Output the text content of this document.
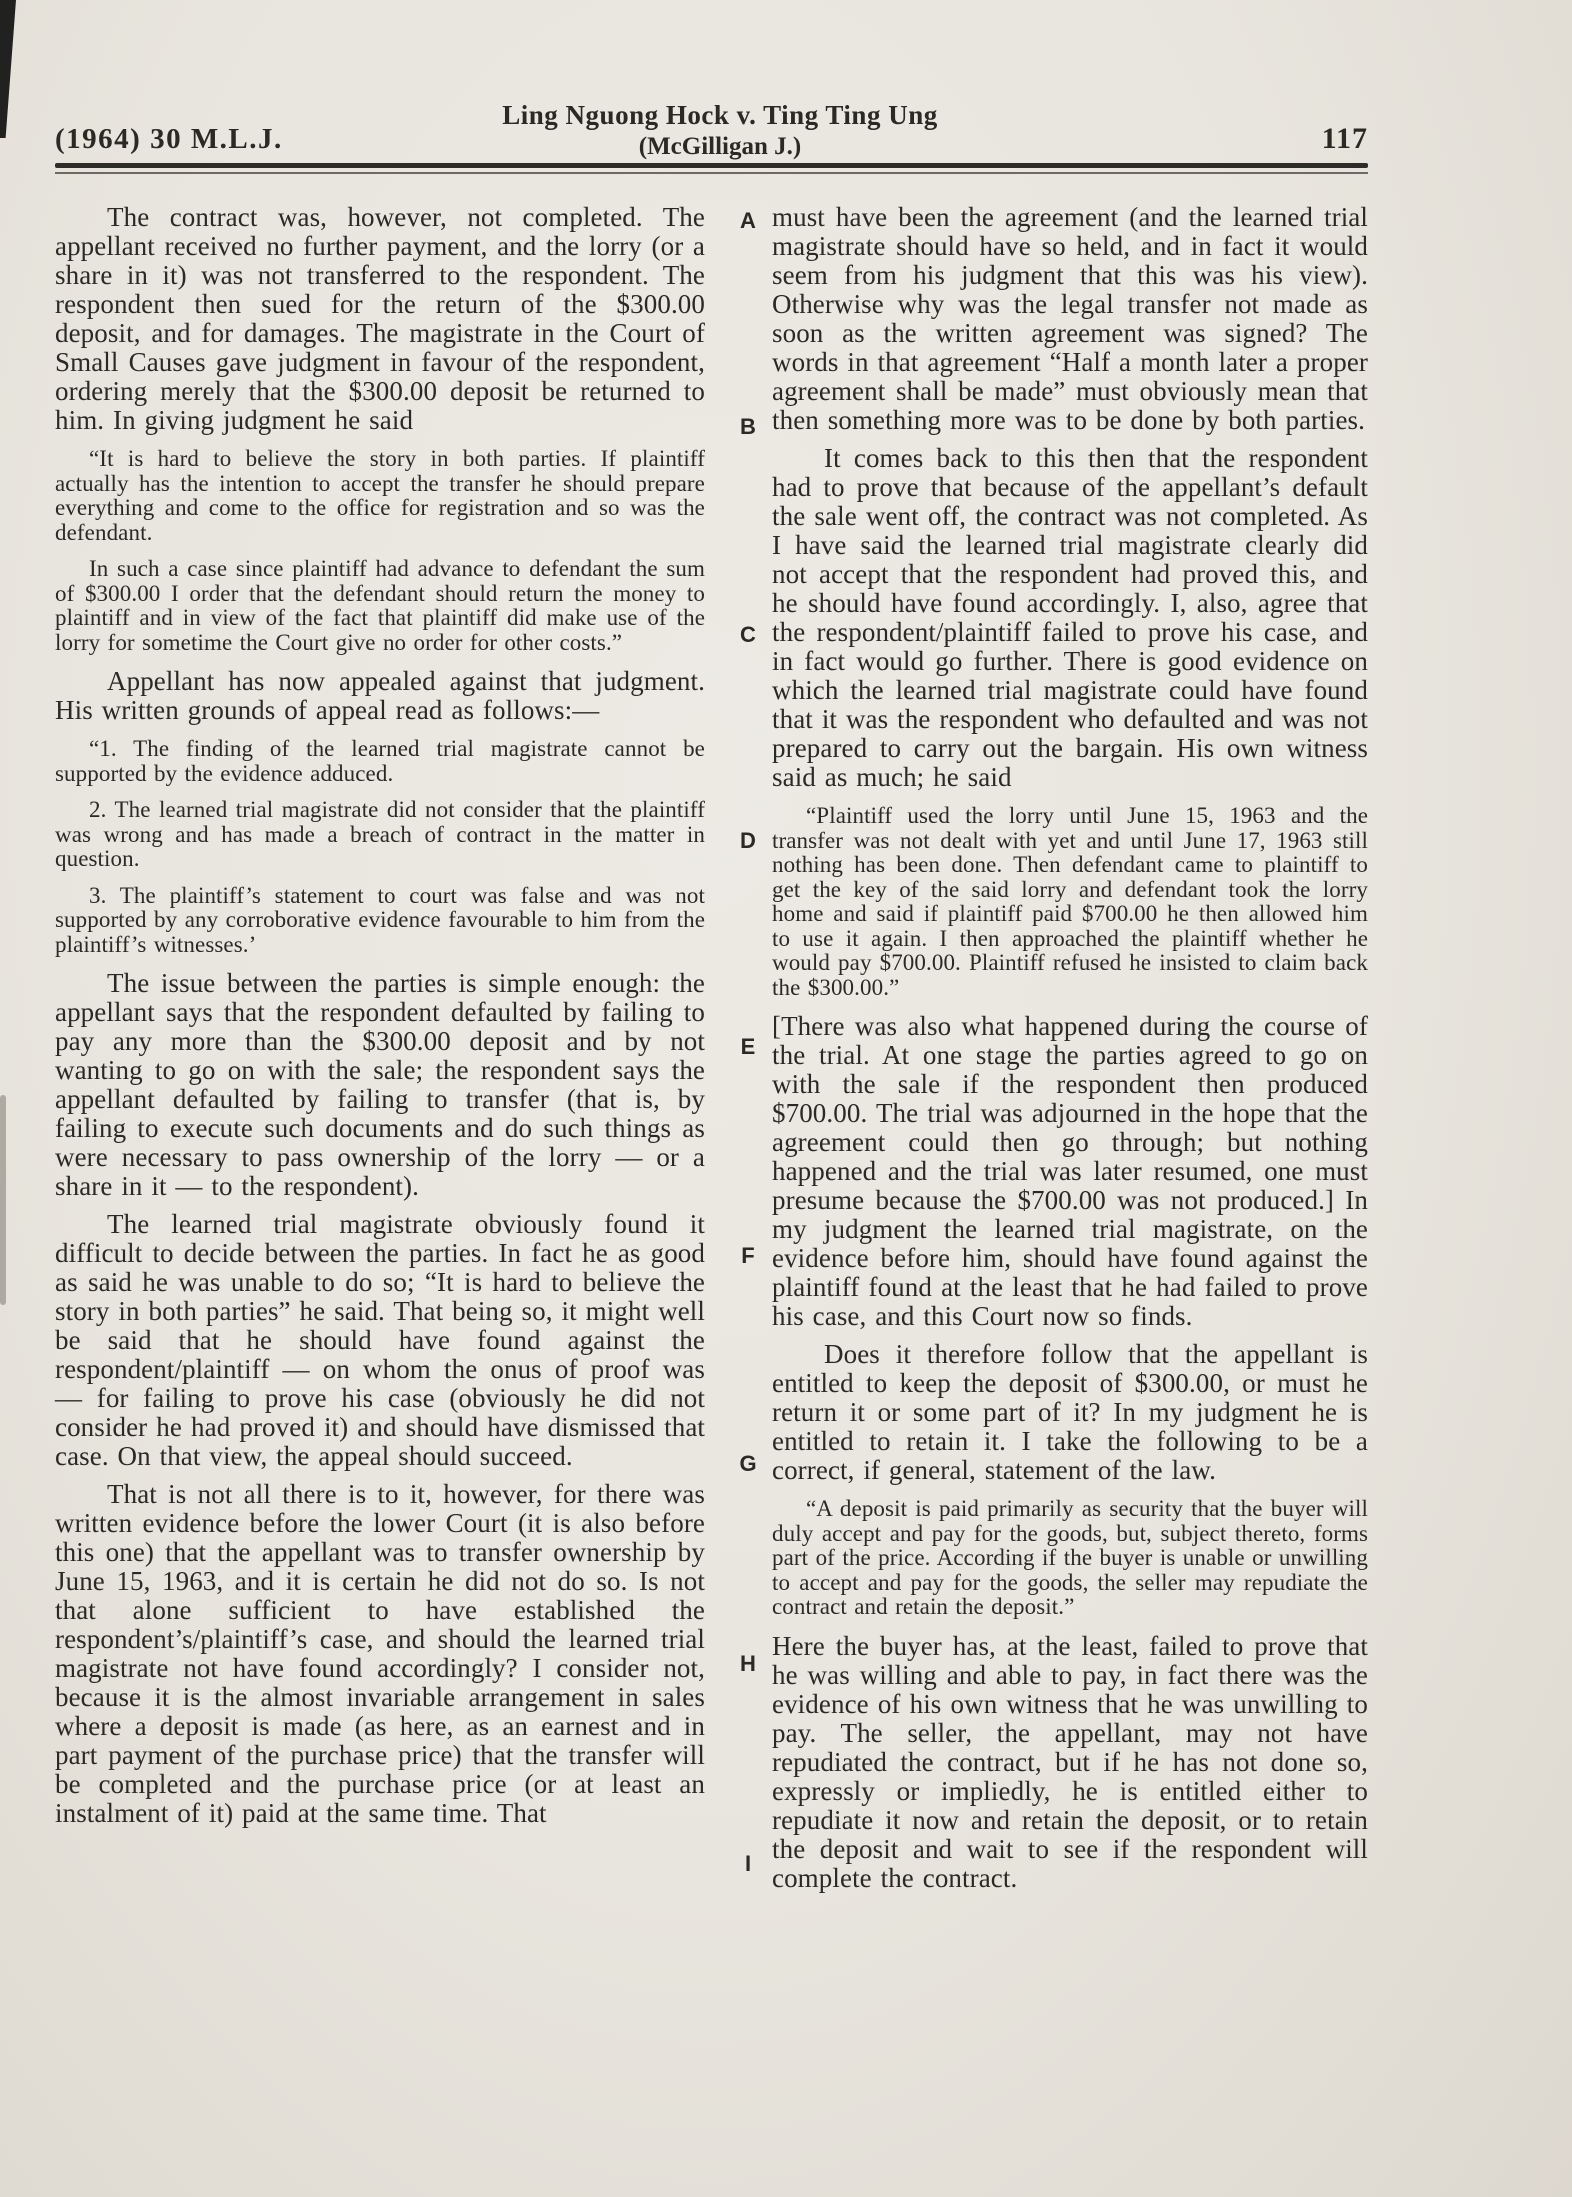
(1964) 30 M.L.J.
Ling Nguong Hock v. Ting Ting Ung
(McGilligan J.)	117

The contract was, however, not completed. The appellant received no further payment, and the lorry (or a share in it) was not transferred to the respondent. The respondent then sued for the return of the $300.00 deposit, and for damages. The magistrate in the Court of Small Causes gave judgment in favour of the respondent, ordering merely that the $300.00 deposit be returned to him. In giving judgment he said

“It is hard to believe the story in both parties. If plaintiff actually has the intention to accept the transfer he should prepare everything and come to the office for registration and so was the defendant.

In such a case since plaintiff had advance to defendant the sum of $300.00 I order that the defendant should return the money to plaintiff and in view of the fact that plaintiff did make use of the lorry for sometime the Court give no order for other costs.”

Appellant has now appealed against that judgment. His written grounds of appeal read as follows:—

“1. The finding of the learned trial magistrate cannot be supported by the evidence adduced.

2. The learned trial magistrate did not consider that the plaintiff was wrong and has made a breach of contract in the matter in question.

3. The plaintiff’s statement to court was false and was not supported by any corroborative evidence favourable to him from the plaintiff’s witnesses.’

The issue between the parties is simple enough: the appellant says that the respondent defaulted by failing to pay any more than the $300.00 deposit and by not wanting to go on with the sale; the respondent says the appellant defaulted by failing to transfer (that is, by failing to execute such documents and do such things as were necessary to pass ownership of the lorry — or a share in it — to the respondent).

The learned trial magistrate obviously found it difficult to decide between the parties. In fact he as good as said he was unable to do so; “It is hard to believe the story in both parties” he said. That being so, it might well be said that he should have found against the respondent/plaintiff — on whom the onus of proof was — for failing to prove his case (obviously he did not consider he had proved it) and should have dismissed that case. On that view, the appeal should succeed.

That is not all there is to it, however, for there was written evidence before the lower Court (it is also before this one) that the appellant was to transfer ownership by June 15, 1963, and it is certain he did not do so. Is not that alone sufficient to have established the respondent’s/plaintiff’s case, and should the learned trial magistrate not have found accordingly? I consider not, because it is the almost invariable arrangement in sales where a deposit is made (as here, as an earnest and in part payment of the purchase price) that the transfer will be completed and the purchase price (or at least an instalment of it) paid at the same time. That

must have been the agreement (and the learned trial magistrate should have so held, and in fact it would seem from his judgment that this was his view). Otherwise why was the legal transfer not made as soon as the written agreement was signed? The words in that agreement “Half a month later a proper agreement shall be made” must obviously mean that then something more was to be done by both parties.

It comes back to this then that the respondent had to prove that because of the appellant’s default the sale went off, the contract was not completed. As I have said the learned trial magistrate clearly did not accept that the respondent had proved this, and he should have found accordingly. I, also, agree that the respondent/plaintiff failed to prove his case, and in fact would go further. There is good evidence on which the learned trial magistrate could have found that it was the respondent who defaulted and was not prepared to carry out the bargain. His own witness said as much; he said

“Plaintiff used the lorry until June 15, 1963 and the transfer was not dealt with yet and until June 17, 1963 still nothing has been done. Then defendant came to plaintiff to get the key of the said lorry and defendant took the lorry home and said if plaintiff paid $700.00 he then allowed him to use it again. I then approached the plaintiff whether he would pay $700.00. Plaintiff refused he insisted to claim back the $300.00.”

[There was also what happened during the course of the trial. At one stage the parties agreed to go on with the sale if the respondent then produced $700.00. The trial was adjourned in the hope that the agreement could then go through; but nothing happened and the trial was later resumed, one must presume because the $700.00 was not produced.] In my judgment the learned trial magistrate, on the evidence before him, should have found against the plaintiff found at the least that he had failed to prove his case, and this Court now so finds.

Does it therefore follow that the appellant is entitled to keep the deposit of $300.00, or must he return it or some part of it? In my judgment he is entitled to retain it. I take the following to be a correct, if general, statement of the law.

“A deposit is paid primarily as security that the buyer will duly accept and pay for the goods, but, subject thereto, forms part of the price. According if the buyer is unable or unwilling to accept and pay for the goods, the seller may repudiate the contract and retain the deposit.”

Here the buyer has, at the least, failed to prove that he was willing and able to pay, in fact there was the evidence of his own witness that he was unwilling to pay. The seller, the appellant, may not have repudiated the contract, but if he has not done so, expressly or impliedly, he is entitled either to repudiate it now and retain the deposit, or to retain the deposit and wait to see if the respondent will complete the contract.

A
B
C
D
E
F
G
H
I
